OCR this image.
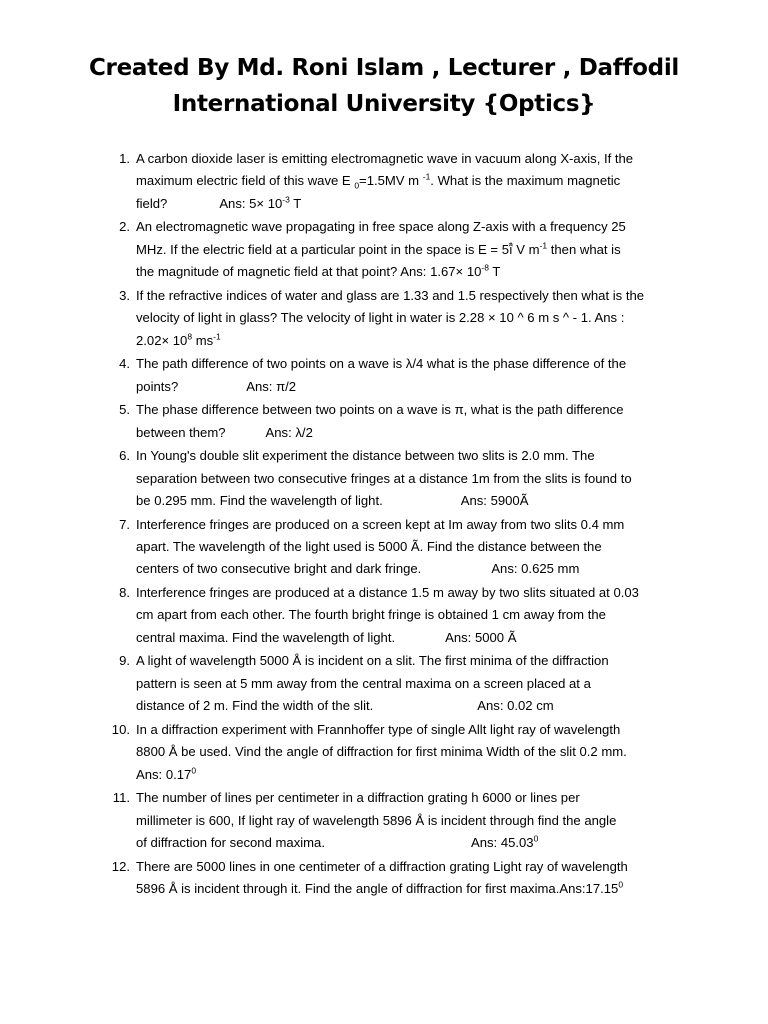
Created By Md. Roni Islam , Lecturer , Daffodil
International University {Optics}
1. A carbon dioxide laser is emitting electromagnetic wave in vacuum along X-axis, If the
maximum electric field of this wave E $_0$=1.5MV m $^{-1}$. What is the maximum magnetic
field?	Ans: $5\times 10^{-3}$ T
2. An electromagnetic wave propagating in free space along Z-axis with a frequency 25
MHz. If the electric field at a particular point in the space is E = 5î̂ V $m^{-1}$ then what is
the magnitude of magnetic field at that point? Ans: $1.67\times 10^{-8}$ T
3. If the refractive indices of water and glass are 1.33 and 1.5 respectively then what is the
velocity of light in glass? The velocity of light in water is 2.28 × 10 ^ 6 m s ^ - 1. Ans :
$2.02\times 10^8$ $ms^{-1}$
4. The path difference of two points on a wave is λ/4 what is the phase difference of the
points?	Ans: π/2
5. The phase difference between two points on a wave is π, what is the path difference
between them?	Ans: λ/2
6. In Young's double slit experiment the distance between two slits is 2.0 mm. The
separation between two consecutive fringes at a distance 1m from the slits is found to
be 0.295 mm. Find the wavelength of light.	Ans: 5900Ã
7. Interference fringes are produced on a screen kept at Im away from two slits 0.4 mm
apart. The wavelength of the light used is 5000 Ã. Find the distance between the
centers of two consecutive bright and dark fringe.	Ans: 0.625 mm
8. Interference fringes are produced at a distance 1.5 m away by two slits situated at 0.03
cm apart from each other. The fourth bright fringe is obtained 1 cm away from the
central maxima. Find the wavelength of light.	Ans: 5000 Ã
9. A light of wavelength 5000 Å is incident on a slit. The first minima of the diffraction
pattern is seen at 5 mm away from the central maxima on a screen placed at a
distance of 2 m. Find the width of the slit.	Ans: 0.02 cm
10. In a diffraction experiment with Frannhoffer type of single Allt light ray of wavelength
8800 Å be used. Vind the angle of diffraction for first minima Width of the slit 0.2 mm.
Ans: 0.17$^0$
11. The number of lines per centimeter in a diffraction grating h 6000 or lines per
millimeter is 600, If light ray of wavelength 5896 Å is incident through find the angle
of diffraction for second maxima.	Ans: 45.03$^0$
12. There are 5000 lines in one centimeter of a diffraction grating Light ray of wavelength
5896 Å is incident through it. Find the angle of diffraction for first maxima.Ans:17.15$^0$
